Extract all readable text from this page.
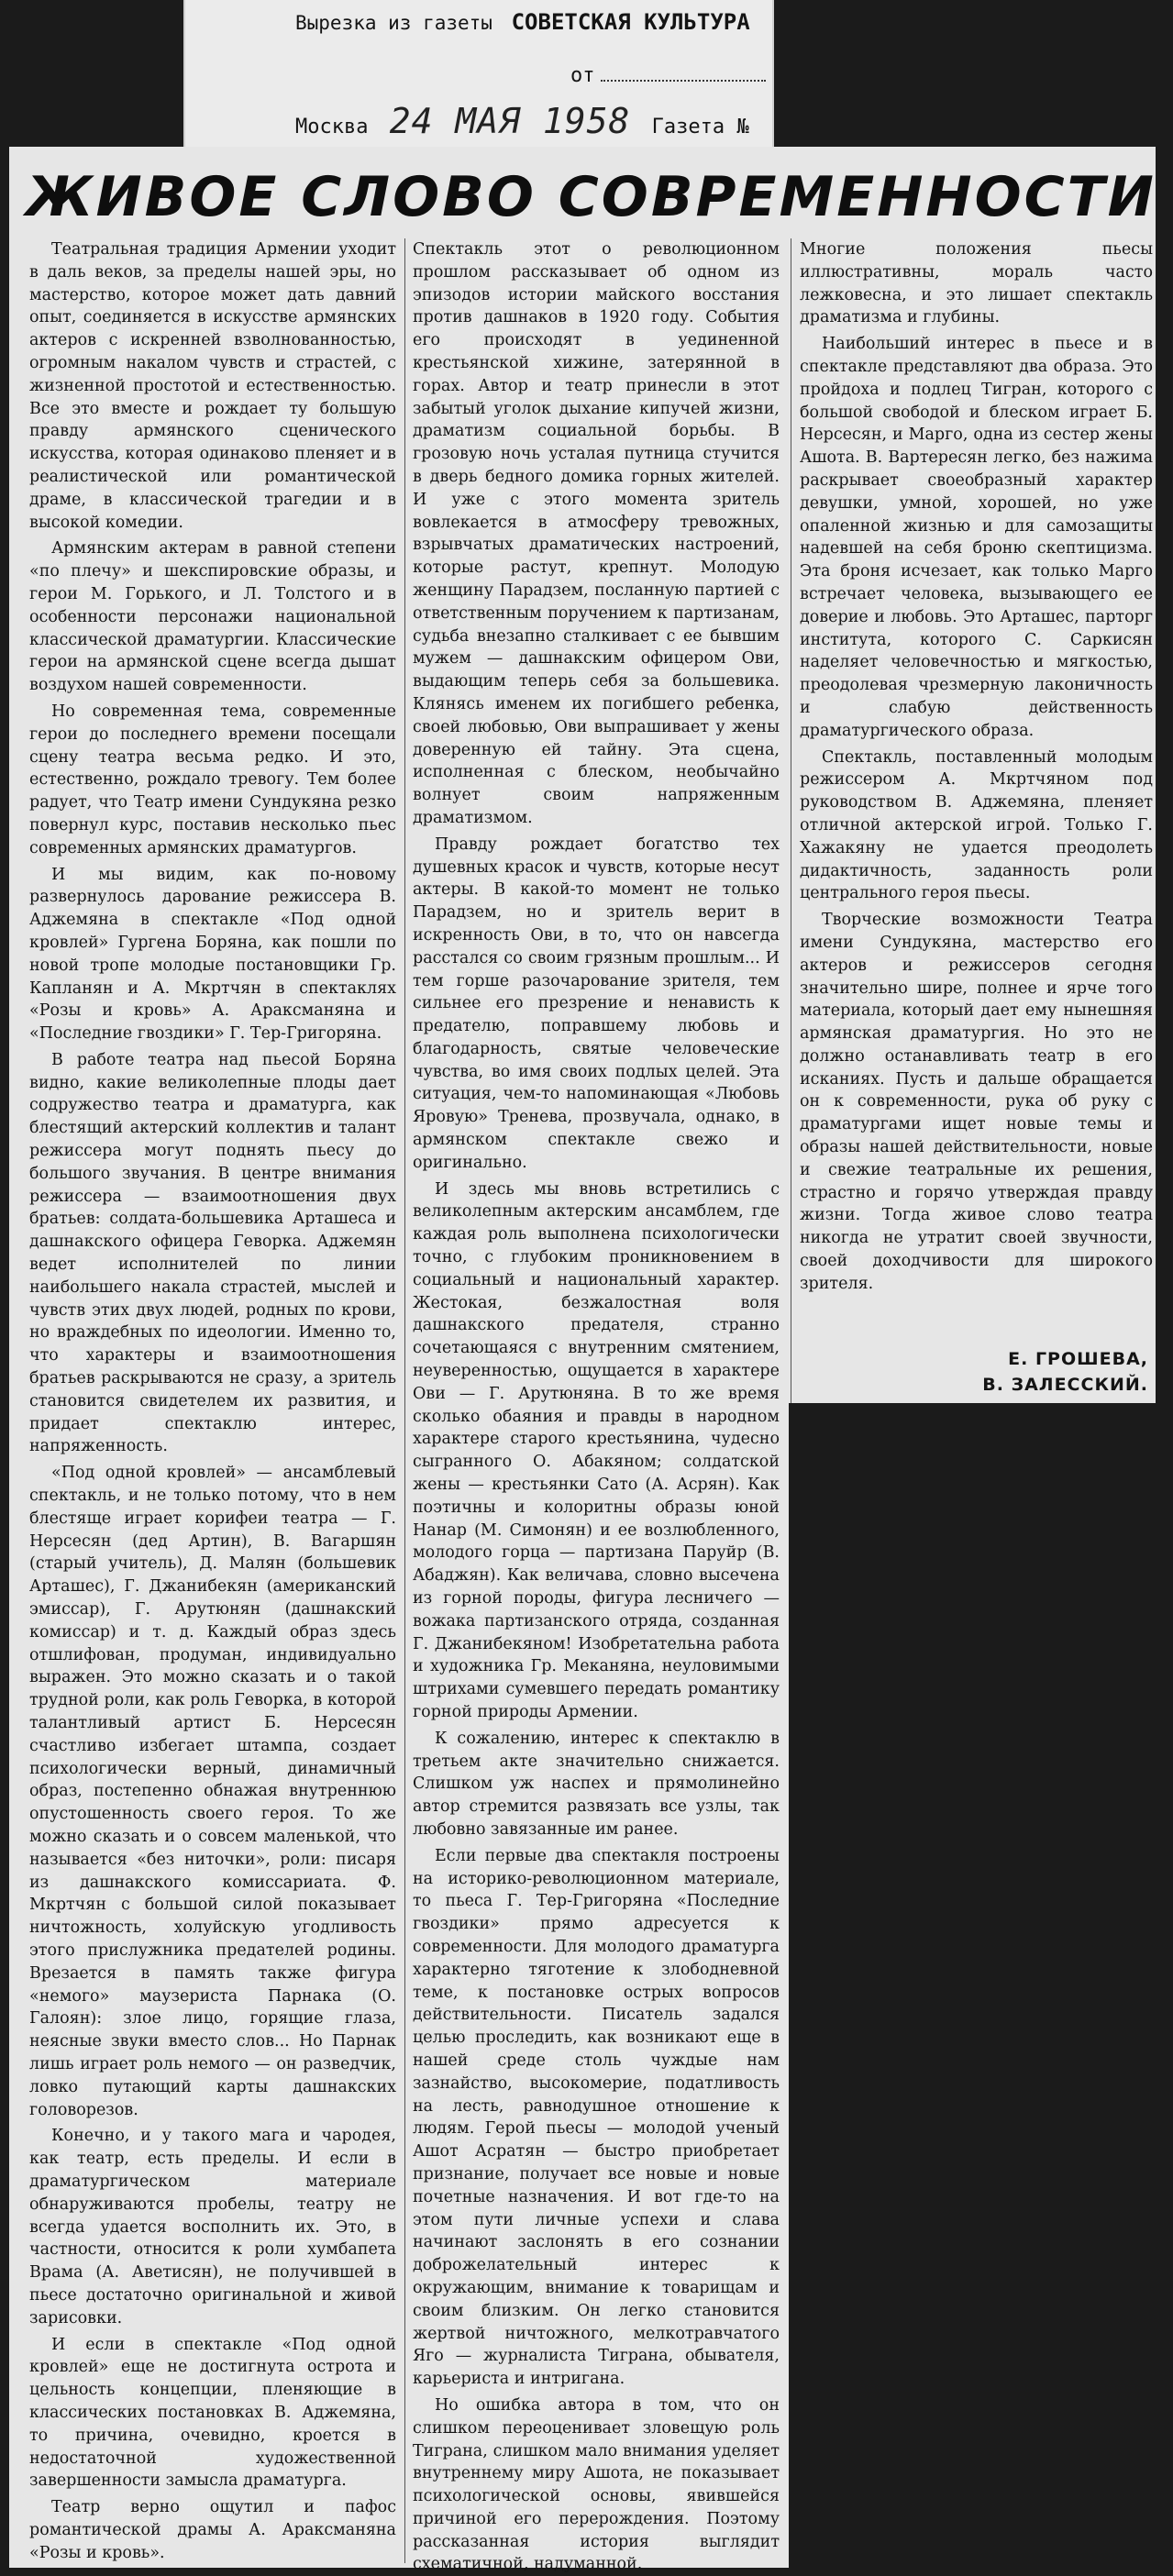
Вырезка из газеты СОВЕТСКАЯ КУЛЬТУРА
от
Москва 24 МАЯ 1958 Газета №
ЖИВОЕ СЛОВО СОВРЕМЕННОСТИ

Театральная традиция Армении уходит в даль веков, за пределы нашей эры, но мастерство, которое может дать давний опыт, соединяется в искусстве армянских актеров с искренней взволнованностью, огромным накалом чувств и страстей, с жизненной простотой и естественностью. Все это вместе и рождает ту большую правду армянского сценического искусства, которая одинаково пленяет и в реалистической или романтической драме, в классической трагедии и в высокой комедии.

Армянским актерам в равной степени «по плечу» и шекспировские образы, и герои М. Горького, и Л. Толстого и в особенности персонажи национальной классической драматургии. Классические герои на армянской сцене всегда дышат воздухом нашей современности.

Но современная тема, современные герои до последнего времени посещали сцену театра весьма редко. И это, естественно, рождало тревогу. Тем более радует, что Театр имени Сундукяна резко повернул курс, поставив несколько пьес современных армянских драматургов.

И мы видим, как по-новому развернулось дарование режиссера В. Аджемяна в спектакле «Под одной кровлей» Гургена Боряна, как пошли по новой тропе молодые постановщики Гр. Капланян и А. Мкртчян в спектаклях «Розы и кровь» А. Араксманяна и «Последние гвоздики» Г. Тер-Григоряна.

В работе театра над пьесой Боряна видно, какие великолепные плоды дает содружество театра и драматурга, как блестящий актерский коллектив и талант режиссера могут поднять пьесу до большого звучания. В центре внимания режиссера — взаимоотношения двух братьев: солдата-большевика Арташеса и дашнакского офицера Геворка. Аджемян ведет исполнителей по линии наибольшего накала страстей, мыслей и чувств этих двух людей, родных по крови, но враждебных по идеологии. Именно то, что характеры и взаимоотношения братьев раскрываются не сразу, а зритель становится свидетелем их развития, и придает спектаклю интерес, напряженность.

«Под одной кровлей» — ансамблевый спектакль, и не только потому, что в нем блестяще играет корифеи театра — Г. Нерсесян (дед Артин), В. Вагаршян (старый учитель), Д. Малян (большевик Арташес), Г. Джанибекян (американский эмиссар), Г. Арутюнян (дашнакский комиссар) и т. д. Каждый образ здесь отшлифован, продуман, индивидуально выражен. Это можно сказать и о такой трудной роли, как роль Геворка, в которой талантливый артист Б. Нерсесян счастливо избегает штампа, создает психологически верный, динамичный образ, постепенно обнажая внутреннюю опустошенность своего героя. То же можно сказать и о совсем маленькой, что называется «без ниточки», роли: писаря из дашнакского комиссариата. Ф. Мкртчян с большой силой показывает ничтожность, холуйскую угодливость этого прислужника предателей родины. Врезается в память также фигура «немого» маузериста Парнака (О. Галоян): злое лицо, горящие глаза, неясные звуки вместо слов... Но Парнак лишь играет роль немого — он разведчик, ловко путающий карты дашнакских головорезов.

Конечно, и у такого мага и чародея, как театр, есть пределы. И если в драматургическом материале обнаруживаются пробелы, театру не всегда удается восполнить их. Это, в частности, относится к роли хумбапета Врама (А. Аветисян), не получившей в пьесе достаточно оригинальной и живой зарисовки.

И если в спектакле «Под одной кровлей» еще не достигнута острота и цельность концепции, пленяющие в классических постановках В. Аджемяна, то причина, очевидно, кроется в недостаточной художественной завершенности замысла драматурга.

Театр верно ощутил и пафос романтической драмы А. Араксманяна «Розы и кровь».

Спектакль этот о революционном прошлом рассказывает об одном из эпизодов истории майского восстания против дашнаков в 1920 году. События его происходят в уединенной крестьянской хижине, затерянной в горах. Автор и театр принесли в этот забытый уголок дыхание кипучей жизни, драматизм социальной борьбы. В грозовую ночь усталая путница стучится в дверь бедного домика горных жителей. И уже с этого момента зритель вовлекается в атмосферу тревожных, взрывчатых драматических настроений, которые растут, крепнут. Молодую женщину Парадзем, посланную партией с ответственным поручением к партизанам, судьба внезапно сталкивает с ее бывшим мужем — дашнакским офицером Ови, выдающим теперь себя за большевика. Клянясь именем их погибшего ребенка, своей любовью, Ови выпрашивает у жены доверенную ей тайну. Эта сцена, исполненная с блеском, необычайно волнует своим напряженным драматизмом.

Правду рождает богатство тех душевных красок и чувств, которые несут актеры. В какой-то момент не только Парадзем, но и зритель верит в искренность Ови, в то, что он навсегда расстался со своим грязным прошлым... И тем горше разочарование зрителя, тем сильнее его презрение и ненависть к предателю, поправшему любовь и благодарность, святые человеческие чувства, во имя своих подлых целей. Эта ситуация, чем-то напоминающая «Любовь Яровую» Тренева, прозвучала, однако, в армянском спектакле свежо и оригинально.

И здесь мы вновь встретились с великолепным актерским ансамблем, где каждая роль выполнена психологически точно, с глубоким проникновением в социальный и национальный характер. Жестокая, безжалостная воля дашнакского предателя, странно сочетающаяся с внутренним смятением, неуверенностью, ощущается в характере Ови — Г. Арутюняна. В то же время сколько обаяния и правды в народном характере старого крестьянина, чудесно сыгранного О. Абакяном; солдатской жены — крестьянки Сато (А. Асрян). Как поэтичны и колоритны образы юной Нанар (М. Симонян) и ее возлюбленного, молодого горца — партизана Паруйр (В. Абаджян). Как величава, словно высечена из горной породы, фигура лесничего — вожака партизанского отряда, созданная Г. Джанибекяном! Изобретательна работа и художника Гр. Меканяна, неуловимыми штрихами сумевшего передать романтику горной природы Армении.

К сожалению, интерес к спектаклю в третьем акте значительно снижается. Слишком уж наспех и прямолинейно автор стремится развязать все узлы, так любовно завязанные им ранее.

Если первые два спектакля построены на историко-революционном материале, то пьеса Г. Тер-Григоряна «Последние гвоздики» прямо адресуется к современности. Для молодого драматурга характерно тяготение к злободневной теме, к постановке острых вопросов действительности. Писатель задался целью проследить, как возникают еще в нашей среде столь чуждые нам зазнайство, высокомерие, податливость на лесть, равнодушное отношение к людям. Герой пьесы — молодой ученый Ашот Асратян — быстро приобретает признание, получает все новые и новые почетные назначения. И вот где-то на этом пути личные успехи и слава начинают заслонять в его сознании доброжелательный интерес к окружающим, внимание к товарищам и своим близким. Он легко становится жертвой ничтожного, мелкотравчатого Яго — журналиста Тиграна, обывателя, карьериста и интригана.

Но ошибка автора в том, что он слишком переоценивает зловещую роль Тиграна, слишком мало внимания уделяет внутреннему миру Ашота, не показывает психологической основы, явившейся причиной его перерождения. Поэтому рассказанная история выглядит схематичной, надуманной.

Многие положения пьесы иллюстративны, мораль часто лежковесна, и это лишает спектакль драматизма и глубины.

Наибольший интерес в пьесе и в спектакле представляют два образа. Это пройдоха и подлец Тигран, которого с большой свободой и блеском играет Б. Нерсесян, и Марго, одна из сестер жены Ашота. В. Вартересян легко, без нажима раскрывает своеобразный характер девушки, умной, хорошей, но уже опаленной жизнью и для самозащиты надевшей на себя броню скептицизма. Эта броня исчезает, как только Марго встречает человека, вызывающего ее доверие и любовь. Это Арташес, парторг института, которого С. Саркисян наделяет человечностью и мягкостью, преодолевая чрезмерную лаконичность и слабую действенность драматургического образа.

Спектакль, поставленный молодым режиссером А. Мкртчяном под руководством В. Аджемяна, пленяет отличной актерской игрой. Только Г. Хажакяну не удается преодолеть дидактичность, заданность роли центрального героя пьесы.

Творческие возможности Театра имени Сундукяна, мастерство его актеров и режиссеров сегодня значительно шире, полнее и ярче того материала, который дает ему нынешняя армянская драматургия. Но это не должно останавливать театр в его исканиях. Пусть и дальше обращается он к современности, рука об руку с драматургами ищет новые темы и образы нашей действительности, новые и свежие театральные их решения, страстно и горячо утверждая правду жизни. Тогда живое слово театра никогда не утратит своей звучности, своей доходчивости для широкого зрителя.

Е. ГРОШЕВА,
В. ЗАЛЕССКИЙ.
